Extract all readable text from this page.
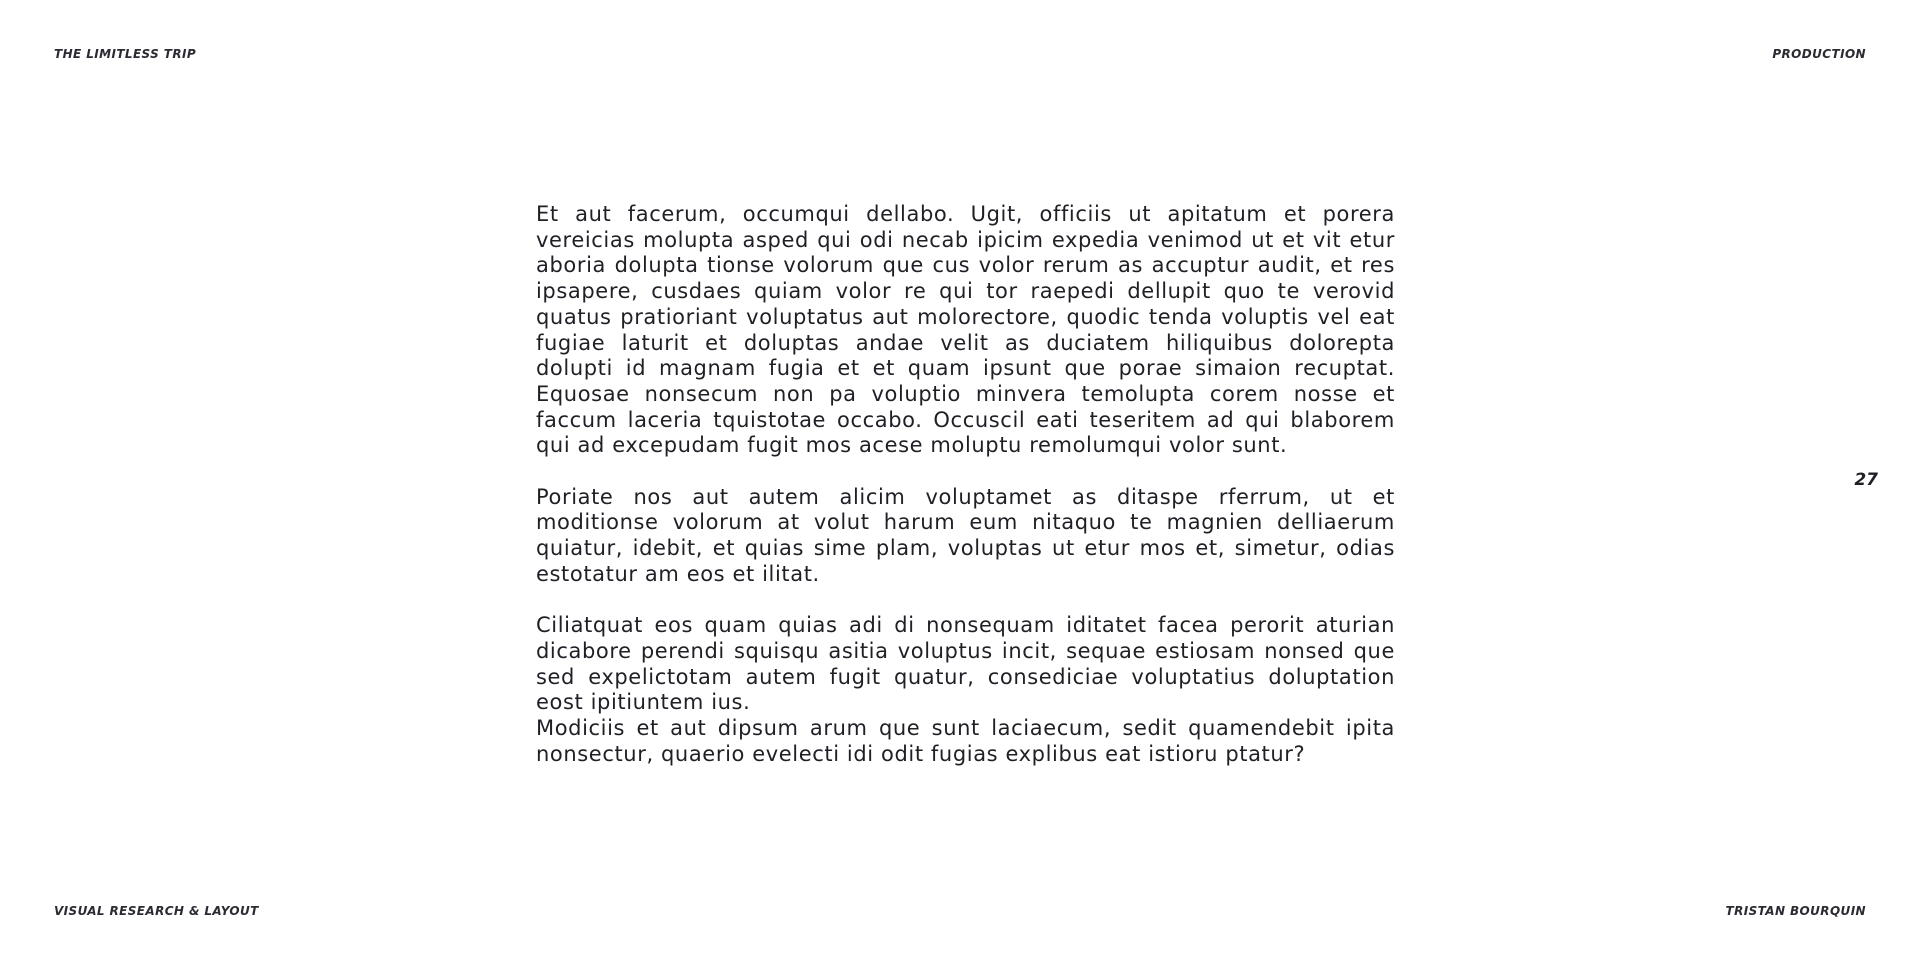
THE LIMITLESS TRIP	PRODUCTION

Et aut facerum, occumqui dellabo. Ugit, officiis ut apitatum et porera vereicias molupta asped qui odi necab ipicim expedia venimod ut et vit etur aboria dolupta tionse volorum que cus volor rerum as accuptur audit, et res ipsapere, cusdaes quiam volor re qui tor raepedi dellupit quo te verovid quatus pratioriant voluptatus aut molorectore, quodic tenda voluptis vel eat fugiae laturit et doluptas andae velit as duciatem hiliquibus dolorepta dolupti id magnam fugia et et quam ipsunt que porae simaion recuptat. Equosae nonsecum non pa voluptio minvera temolupta corem nosse et faccum laceria tquistotae occabo. Occuscil eati teseritem ad qui blaborem qui ad excepudam fugit mos acese moluptu remolumqui volor sunt.

Poriate nos aut autem alicim voluptamet as ditaspe rferrum, ut et moditionse volorum at volut harum eum nitaquo te magnien delliaerum quiatur, idebit, et quias sime plam, voluptas ut etur mos et, simetur, odias estotatur am eos et ilitat.

Ciliatquat eos quam quias adi di nonsequam iditatet facea perorit aturian dicabore perendi squisqu asitia voluptus incit, sequae estiosam nonsed que sed expelictotam autem fugit quatur, consediciae voluptatius doluptation eost ipitiuntem ius.

Modiciis et aut dipsum arum que sunt laciaecum, sedit quamendebit ipita nonsectur, quaerio evelecti idi odit fugias explibus eat istioru ptatur?

27
VISUAL RESEARCH & LAYOUT	TRISTAN BOURQUIN
